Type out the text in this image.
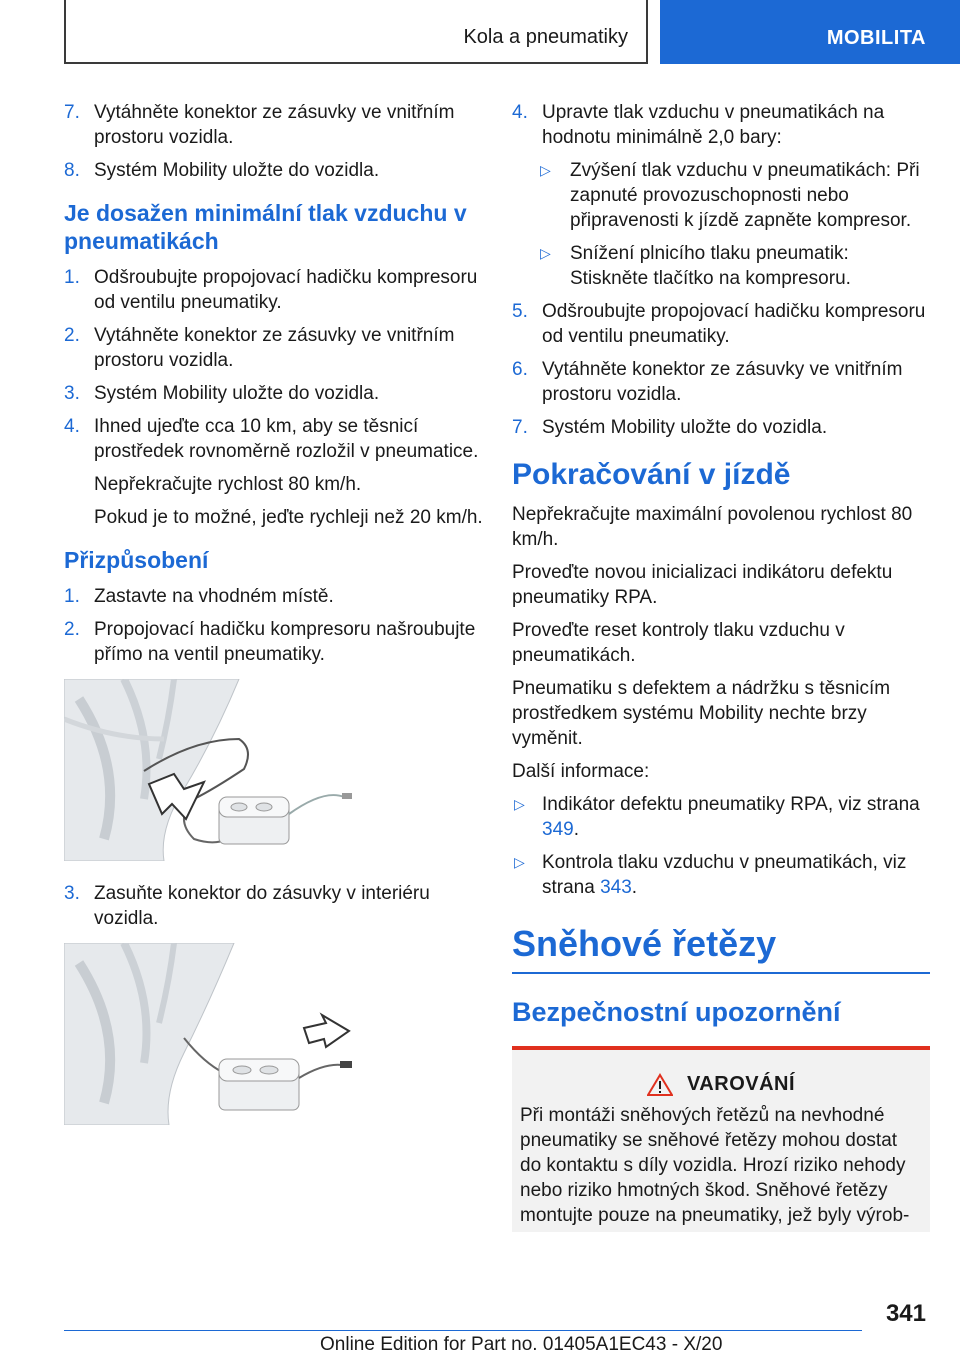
Kola a pneumatiky	MOBILITA
7. Vytáhněte konektor ze zásuvky ve vnitřním prostoru vozidla.
8. Systém Mobility uložte do vozidla.
Je dosažen minimální tlak vzduchu v pneumatikách
1. Odšroubujte propojovací hadičku kompresoru od ventilu pneumatiky.
2. Vytáhněte konektor ze zásuvky ve vnitřním prostoru vozidla.
3. Systém Mobility uložte do vozidla.
4. Ihned ujeďte cca 10 km, aby se těsnicí prostředek rovnoměrně rozložil v pneumatice.
Nepřekračujte rychlost 80 km/h.
Pokud je to možné, jeďte rychleji než 20 km/h.
Přizpůsobení
1. Zastavte na vhodném místě.
2. Propojovací hadičku kompresoru našroubujte přímo na ventil pneumatiky.
3. Zasuňte konektor do zásuvky v interiéru vozidla.
4. Upravte tlak vzduchu v pneumatikách na hodnotu minimálně 2,0 bary:
▷ Zvýšení tlak vzduchu v pneumatikách: Při zapnuté provozuschopnosti nebo připravenosti k jízdě zapněte kompresor.
▷ Snížení plnicího tlaku pneumatik: Stiskněte tlačítko na kompresoru.
5. Odšroubujte propojovací hadičku kompresoru od ventilu pneumatiky.
6. Vytáhněte konektor ze zásuvky ve vnitřním prostoru vozidla.
7. Systém Mobility uložte do vozidla.
Pokračování v jízdě
Nepřekračujte maximální povolenou rychlost 80 km/h.
Proveďte novou inicializaci indikátoru defektu pneumatiky RPA.
Proveďte reset kontroly tlaku vzduchu v pneumatikách.
Pneumatiku s defektem a nádržku s těsnicím prostředkem systému Mobility nechte brzy vyměnit.
Další informace:
▷ Indikátor defektu pneumatiky RPA, viz strana 349.
▷ Kontrola tlaku vzduchu v pneumatikách, viz strana 343.
Sněhové řetězy
Bezpečnostní upozornění
VAROVÁNÍ
Při montáži sněhových řetězů na nevhodné pneumatiky se sněhové řetězy mohou dostat do kontaktu s díly vozidla. Hrozí riziko nehody nebo riziko hmotných škod. Sněhové řetězy montujte pouze na pneumatiky, jež byly výrob-
341
Online Edition for Part no. 01405A1EC43 - X/20
